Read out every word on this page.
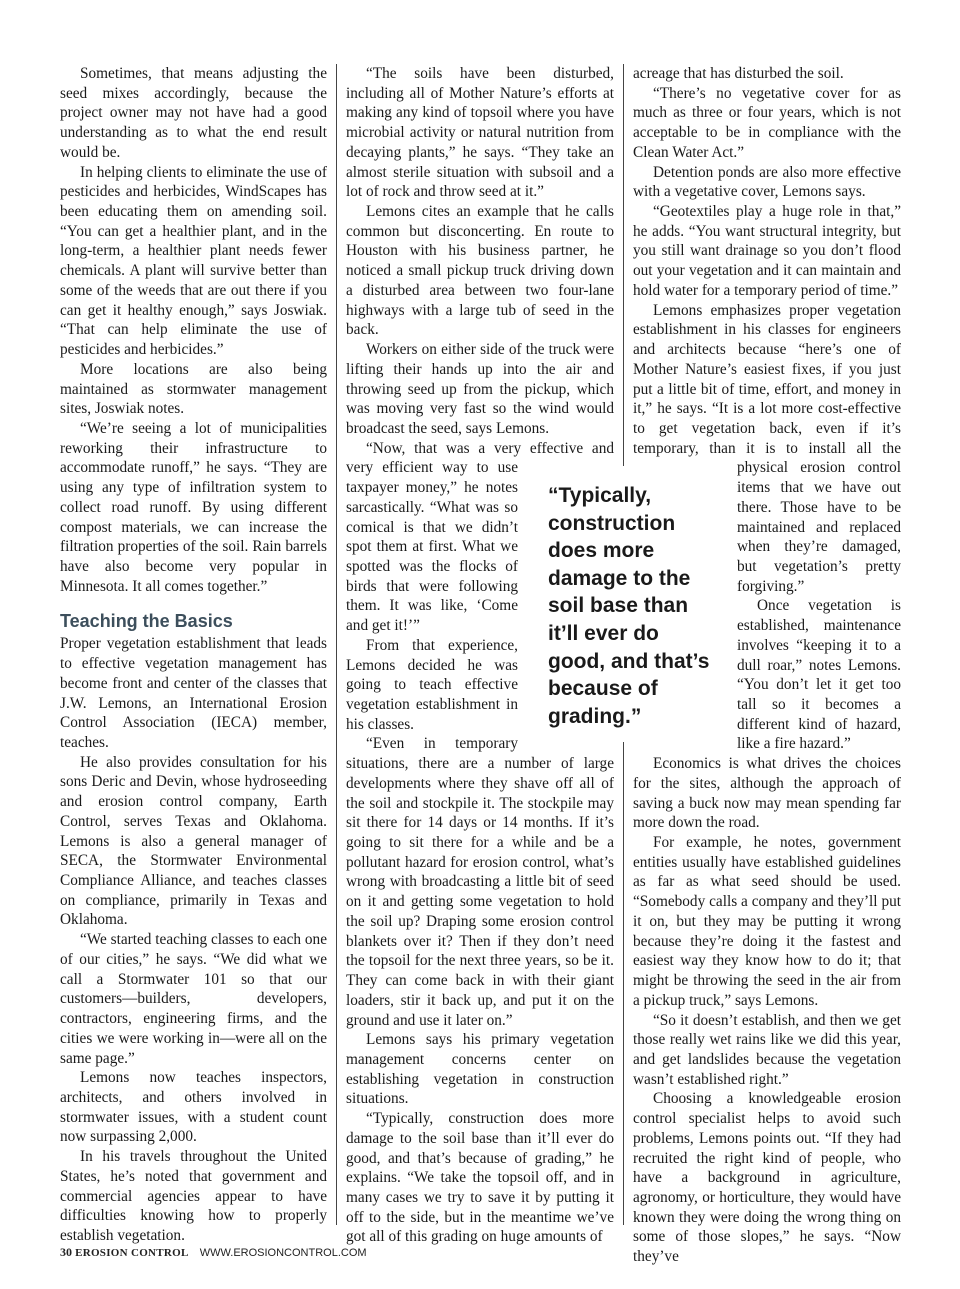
Sometimes, that means adjusting the seed mixes accordingly, because the project owner may not have had a good understanding as to what the end result would be.

In helping clients to eliminate the use of pesticides and herbicides, WindScapes has been educating them on amending soil. “You can get a healthier plant, and in the long-term, a healthier plant needs fewer chemicals. A plant will survive better than some of the weeds that are out there if you can get it healthy enough,” says Joswiak. “That can help eliminate the use of pesticides and herbicides.”

More locations are also being maintained as stormwater management sites, Joswiak notes.

“We’re seeing a lot of municipalities reworking their infrastructure to accommodate runoff,” he says. “They are using any type of infiltration system to collect road runoff. By using different compost materials, we can increase the filtration properties of the soil. Rain barrels have also become very popular in Minnesota. It all comes together.”

Teaching the Basics

Proper vegetation establishment that leads to effective vegetation management has become front and center of the classes that J.W. Lemons, an International Erosion Control Association (IECA) member, teaches.

He also provides consultation for his sons Deric and Devin, whose hydroseeding and erosion control company, Earth Control, serves Texas and Oklahoma. Lemons is also a general manager of SECA, the Stormwater Environmental Compliance Alliance, and teaches classes on compliance, primarily in Texas and Oklahoma.

“We started teaching classes to each one of our cities,” he says. “We did what we call a Stormwater 101 so that our customers—builders, developers, contractors, engineering firms, and the cities we were working in—were all on the same page.”

Lemons now teaches inspectors, architects, and others involved in stormwater issues, with a student count now surpassing 2,000.

In his travels throughout the United States, he’s noted that government and commercial agencies appear to have difficulties knowing how to properly establish vegetation.

“The soils have been disturbed, including all of Mother Nature’s efforts at making any kind of topsoil where you have microbial activity or natural nutrition from decaying plants,” he says. “They take an almost sterile situation with subsoil and a lot of rock and throw seed at it.”

Lemons cites an example that he calls common but disconcerting. En route to Houston with his business partner, he noticed a small pickup truck driving down a disturbed area between two four-lane highways with a large tub of seed in the back.

Workers on either side of the truck were lifting their hands up into the air and throwing seed up from the pickup, which was moving very fast so the wind would broadcast the seed, says Lemons.

“Now, that was a very effective and very efficient way to use taxpayer money,” he notes sarcastically. “What was so comical is that we didn’t spot them at first. What we spotted was the flocks of birds that were following them. It was like, ‘Come and get it!’”

From that experience, Lemons decided he was going to teach effective vegetation establishment in his classes.

“Even in temporary situations, there are a number of large developments where they shave off all of the soil and stockpile it. The stockpile may sit there for 14 days or 14 months. If it’s going to sit there for a while and be a pollutant hazard for erosion control, what’s wrong with broadcasting a little bit of seed on it and getting some vegetation to hold the soil up? Draping some erosion control blankets over it? Then if they don’t need the topsoil for the next three years, so be it. They can come back in with their giant loaders, stir it back up, and put it on the ground and use it later on.”

Lemons says his primary vegetation management concerns center on establishing vegetation in construction situations.

“Typically, construction does more damage to the soil base than it’ll ever do good, and that’s because of grading,” he explains. “We take the topsoil off, and in many cases we try to save it by putting it off to the side, but in the meantime we’ve got all of this grading on huge amounts of

acreage that has disturbed the soil.

“There’s no vegetative cover for as much as three or four years, which is not acceptable to be in compliance with the Clean Water Act.”

Detention ponds are also more effective with a vegetative cover, Lemons says.

“Geotextiles play a huge role in that,” he adds. “You want structural integrity, but you still want drainage so you don’t flood out your vegetation and it can maintain and hold water for a temporary period of time.”

Lemons emphasizes proper vegetation establishment in his classes for engineers and architects because “here’s one of Mother Nature’s easiest fixes, if you just put a little bit of time, effort, and money in it,” he says. “It is a lot more cost-effective to get vegetation back, even if it’s temporary, than it is to install all the physical erosion control items that we have out there. Those have to be maintained and replaced when they’re damaged, but vegetation’s pretty forgiving.”

Once vegetation is established, maintenance involves “keeping it to a dull roar,” notes Lemons. “You don’t let it get too tall so it becomes a different kind of hazard, like a fire hazard.”

Economics is what drives the choices for the sites, although the approach of saving a buck now may mean spending far more down the road.

For example, he notes, government entities usually have established guidelines as far as what seed should be used. “Somebody calls a company and they’ll put it on, but they may be putting it wrong because they’re doing it the fastest and easiest way they know how to do it; that might be throwing the seed in the air from a pickup truck,” says Lemons.

“So it doesn’t establish, and then we get those really wet rains like we did this year, and get landslides because the vegetation wasn’t established right.”

Choosing a knowledgeable erosion control specialist helps to avoid such problems, Lemons points out. “If they had recruited the right kind of people, who have a background in agriculture, agronomy, or horticulture, they would have known they were doing the wrong thing on some of those slopes,” he says. “Now they’ve

“Typically, construction does more damage to the soil base than it’ll ever do good, and that’s because of grading.”
30 EROSION CONTROL WWW.EROSIONCONTROL.COM
